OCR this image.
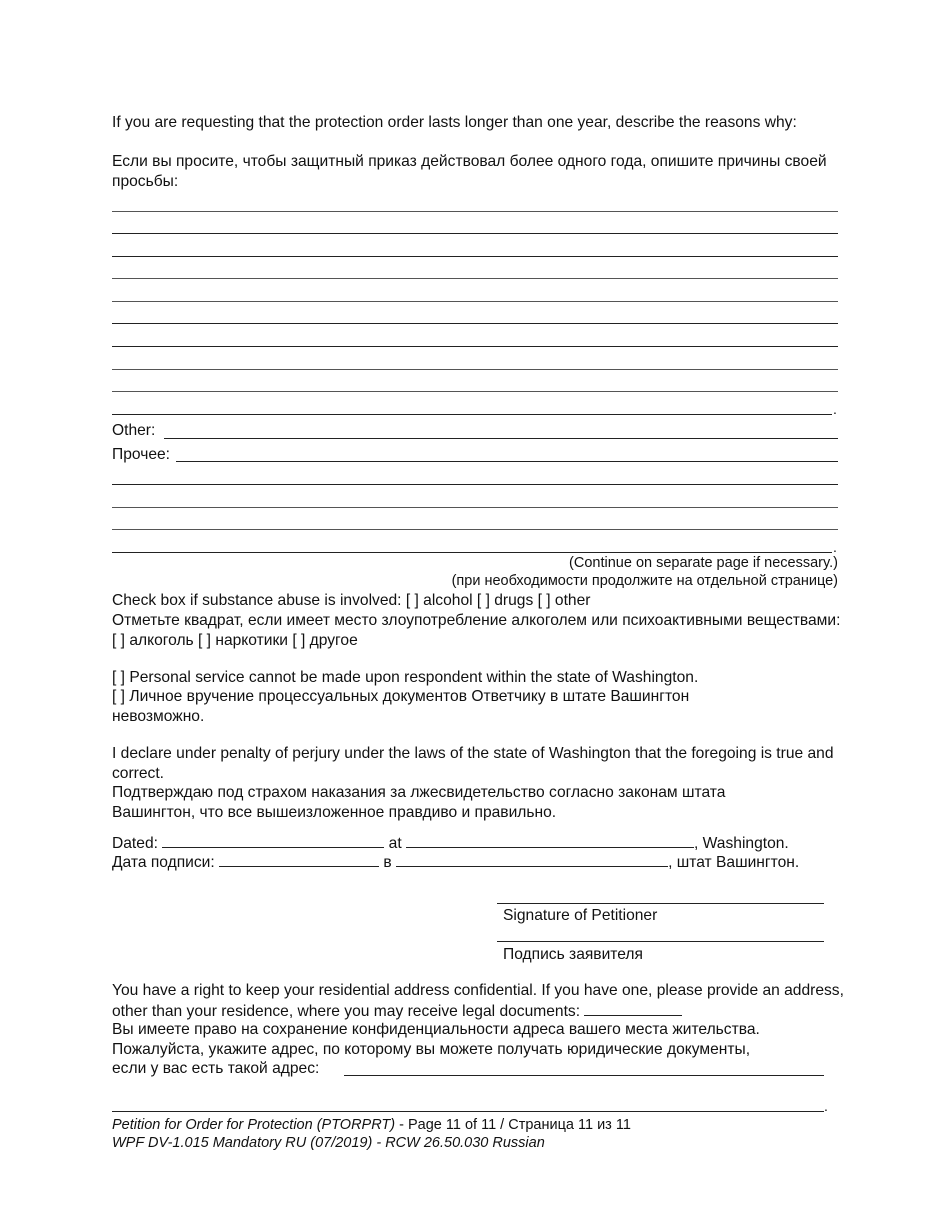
If you are requesting that the protection order lasts longer than one year, describe the reasons why:
Если вы просите, чтобы защитный приказ действовал более одного года, опишите причины своей просьбы:
.
Other:
Прочее:
.
(Continue on separate page if necessary.)
(при необходимости продолжите на отдельной странице)
Check box if substance abuse is involved: [ ] alcohol [ ] drugs [ ] other
Отметьте квадрат, если имеет место злоупотребление алкоголем или психоактивными веществами: [ ] алкоголь [ ] наркотики [ ] другое
[ ] Personal service cannot be made upon respondent within the state of Washington.
[ ] Личное вручение процессуальных документов Ответчику в штате Вашингтон невозможно.
I declare under penalty of perjury under the laws of the state of Washington that the foregoing is true and correct.
Подтверждаю под страхом наказания за лжесвидетельство согласно законам штата Вашингтон, что все вышеизложенное правдиво и правильно.
Dated:	at	, Washington.
Дата подписи:	в	, штат Вашингтон.
Signature of Petitioner
Подпись заявителя
You have a right to keep your residential address confidential. If you have one, please provide an address, other than your residence, where you may receive legal documents:
Вы имеете право на сохранение конфиденциальности адреса вашего места жительства.
Пожалуйста, укажите адрес, по которому вы можете получать юридические документы,
если у вас есть такой адрес:
.
Petition for Order for Protection (PTORPRT) - Page 11 of 11 / Страница 11 из 11
WPF DV-1.015 Mandatory RU (07/2019) - RCW 26.50.030 Russian
